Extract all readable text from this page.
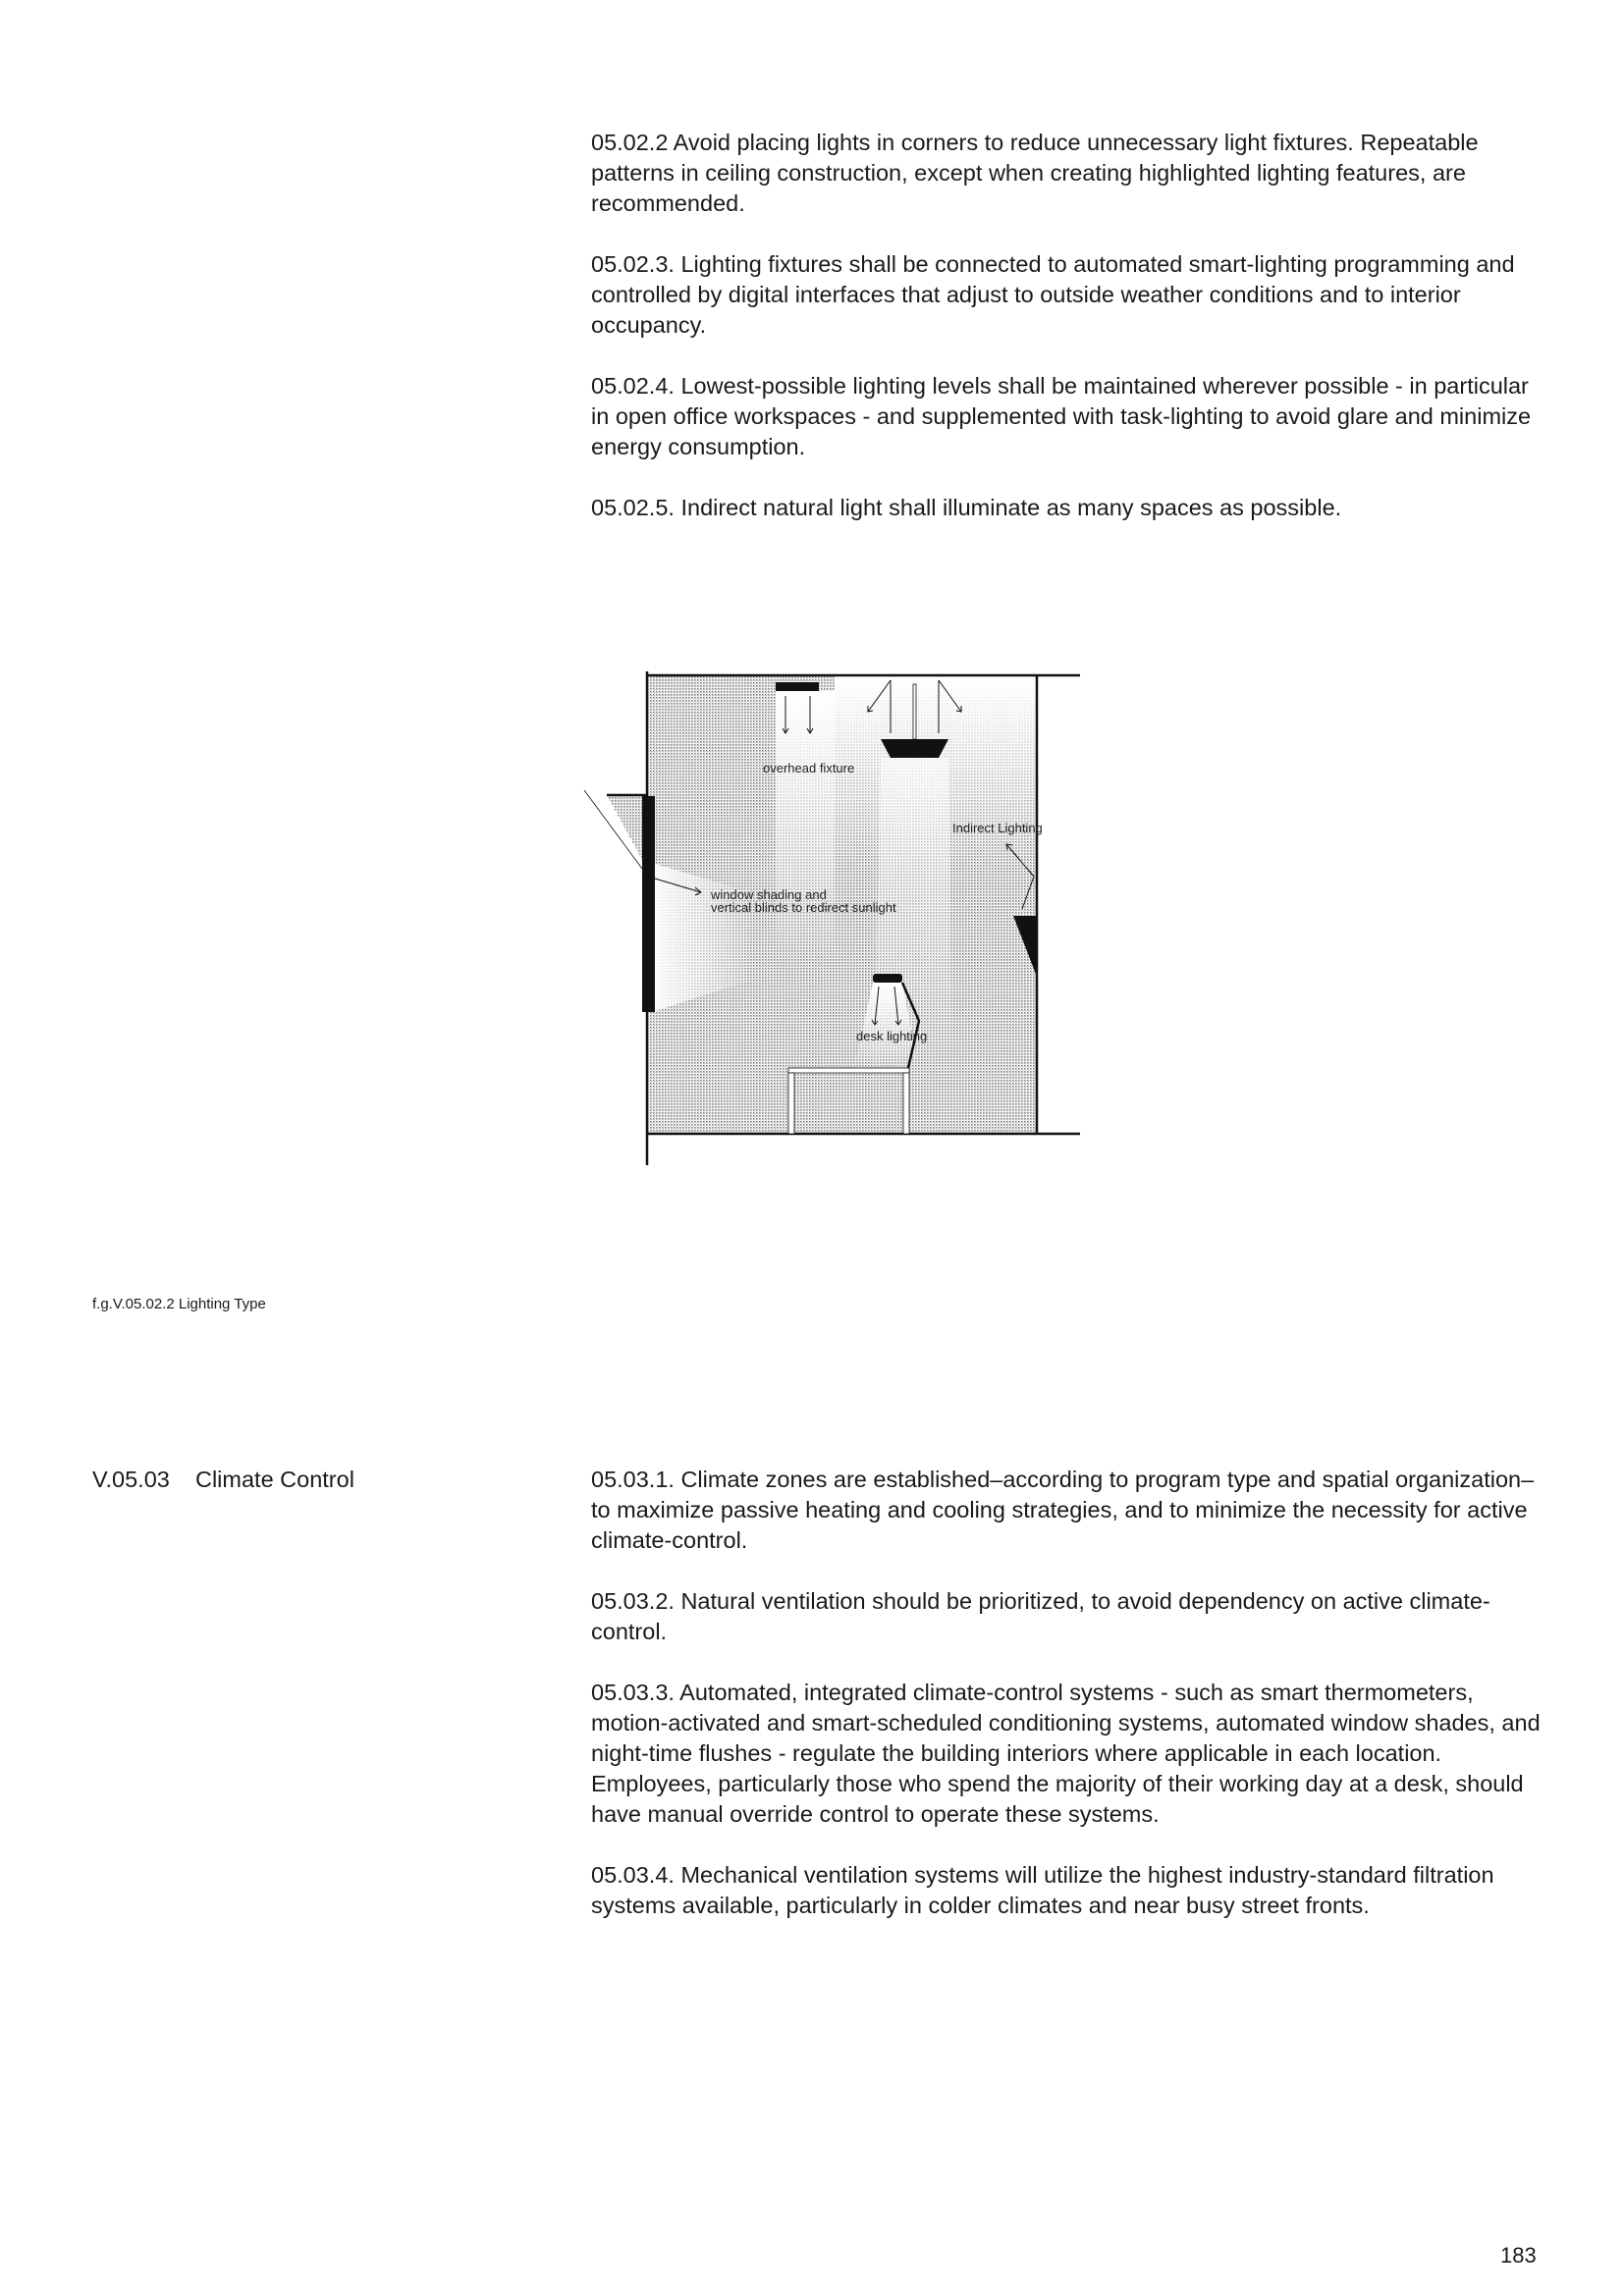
05.02.2 Avoid placing lights in corners to reduce unnecessary light fixtures. Repeatable patterns in ceiling construction, except when creating highlighted lighting features, are recommended.

05.02.3. Lighting fixtures shall be connected to automated smart-lighting programming and controlled by digital interfaces that adjust to outside weather conditions and to interior occupancy.

05.02.4. Lowest-possible lighting levels shall be maintained wherever possible - in particular in open office workspaces - and supplemented with task-lighting to avoid glare and minimize energy consumption.

05.02.5. Indirect natural light shall illuminate as many spaces as possible.

overhead fixture
Indirect Lighting
window shading and
vertical blinds to redirect sunlight
desk lighting
f.g.V.05.02.2 Lighting Type
V.05.03 Climate Control	05.03.1. Climate zones are established–according to program type and spatial organization–to maximize passive heating and cooling strategies, and to minimize the necessity for active climate-control.

05.03.2. Natural ventilation should be prioritized, to avoid dependency on active climate-control.

05.03.3. Automated, integrated climate-control systems - such as smart thermometers, motion-activated and smart-scheduled conditioning systems, automated window shades, and night-time flushes - regulate the building interiors where applicable in each location. Employees, particularly those who spend the majority of their working day at a desk, should have manual override control to operate these systems.

05.03.4. Mechanical ventilation systems will utilize the highest industry-standard filtration systems available, particularly in colder climates and near busy street fronts.

183
